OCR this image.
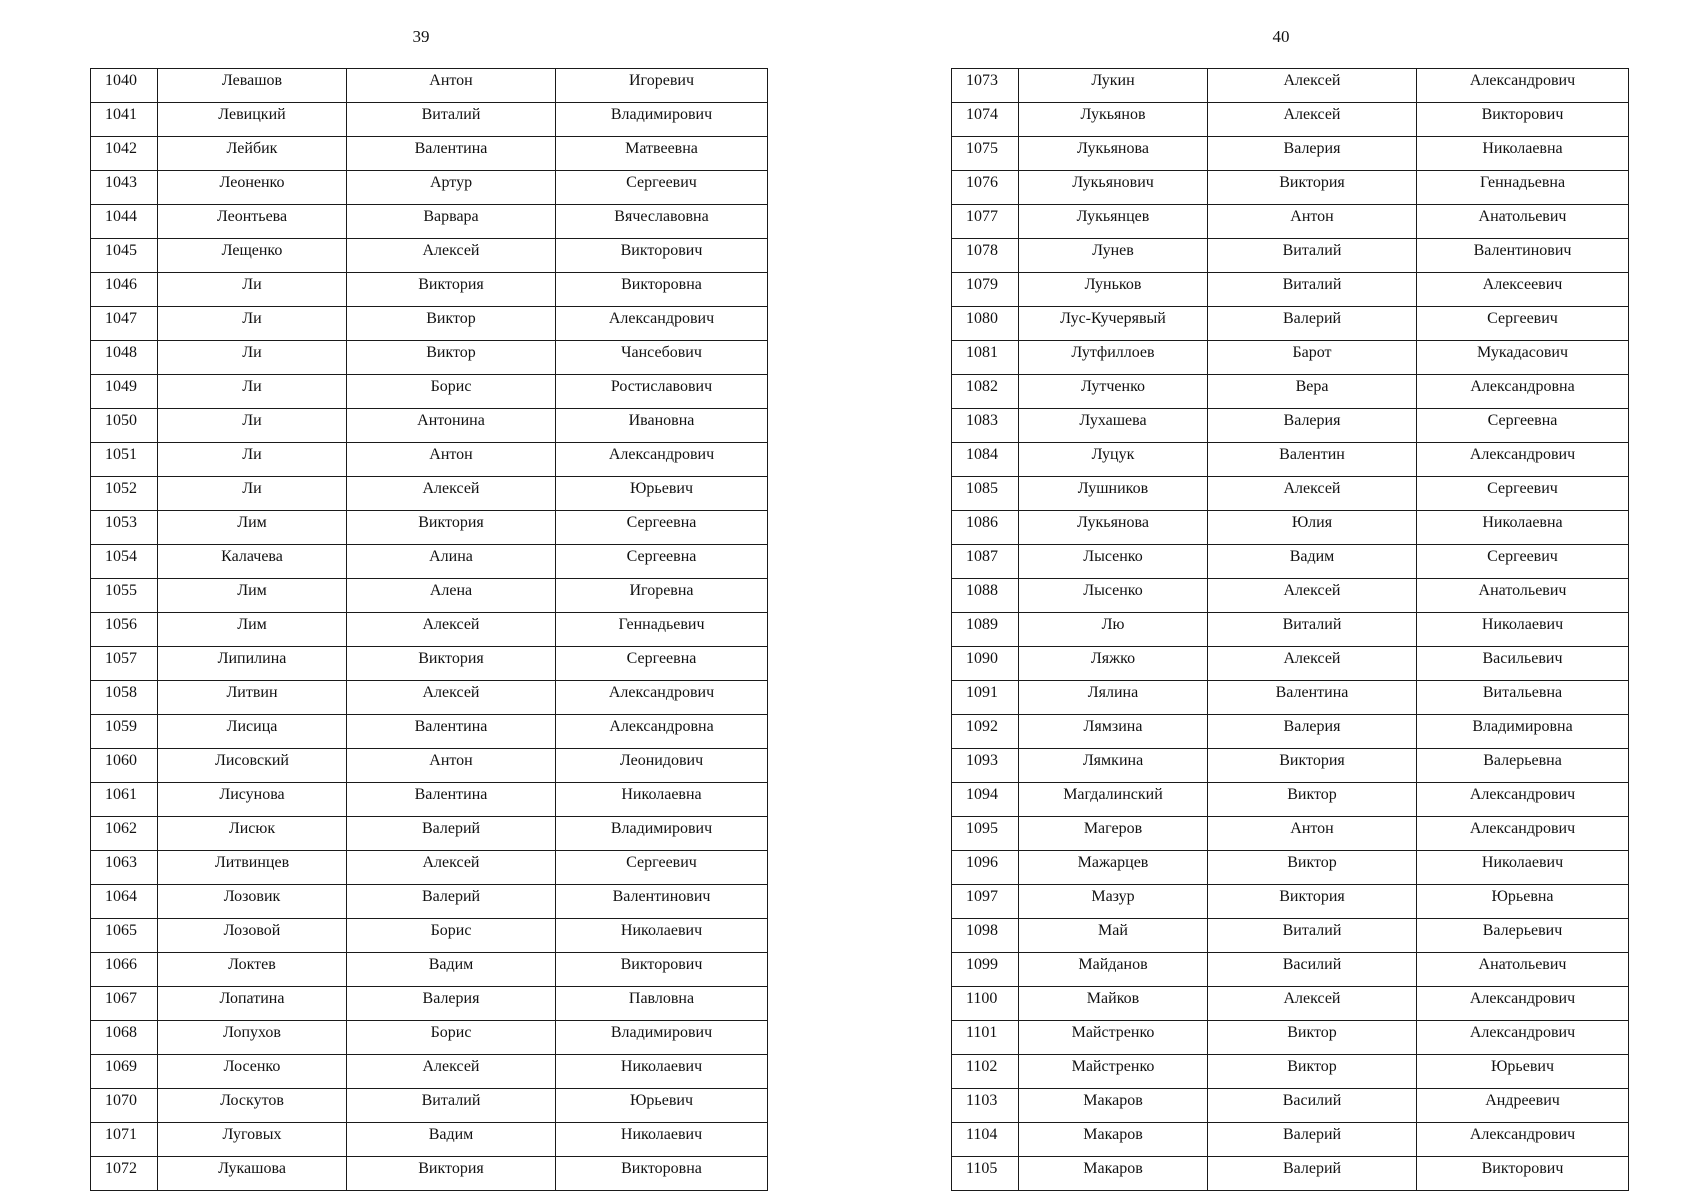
39	40
1040	Левашов	Антон	Игоревич
1041	Левицкий	Виталий	Владимирович
1042	Лейбик	Валентина	Матвеевна
1043	Леоненко	Артур	Сергеевич
1044	Леонтьева	Варвара	Вячеславовна
1045	Лещенко	Алексей	Викторович
1046	Ли	Виктория	Викторовна
1047	Ли	Виктор	Александрович
1048	Ли	Виктор	Чансебович
1049	Ли	Борис	Ростиславович
1050	Ли	Антонина	Ивановна
1051	Ли	Антон	Александрович
1052	Ли	Алексей	Юрьевич
1053	Лим	Виктория	Сергеевна
1054	Калачева	Алина	Сергеевна
1055	Лим	Алена	Игоревна
1056	Лим	Алексей	Геннадьевич
1057	Липилина	Виктория	Сергеевна
1058	Литвин	Алексей	Александрович
1059	Лисица	Валентина	Александровна
1060	Лисовский	Антон	Леонидович
1061	Лисунова	Валентина	Николаевна
1062	Лисюк	Валерий	Владимирович
1063	Литвинцев	Алексей	Сергеевич
1064	Лозовик	Валерий	Валентинович
1065	Лозовой	Борис	Николаевич
1066	Локтев	Вадим	Викторович
1067	Лопатина	Валерия	Павловна
1068	Лопухов	Борис	Владимирович
1069	Лосенко	Алексей	Николаевич
1070	Лоскутов	Виталий	Юрьевич
1071	Луговых	Вадим	Николаевич
1072	Лукашова	Виктория	Викторовна
1073	Лукин	Алексей	Александрович
1074	Лукьянов	Алексей	Викторович
1075	Лукьянова	Валерия	Николаевна
1076	Лукьянович	Виктория	Геннадьевна
1077	Лукьянцев	Антон	Анатольевич
1078	Лунев	Виталий	Валентинович
1079	Луньков	Виталий	Алексеевич
1080	Лус-Кучерявый	Валерий	Сергеевич
1081	Лутфиллоев	Барот	Мукадасович
1082	Лутченко	Вера	Александровна
1083	Лухашева	Валерия	Сергеевна
1084	Луцук	Валентин	Александрович
1085	Лушников	Алексей	Сергеевич
1086	Лукьянова	Юлия	Николаевна
1087	Лысенко	Вадим	Сергеевич
1088	Лысенко	Алексей	Анатольевич
1089	Лю	Виталий	Николаевич
1090	Ляжко	Алексей	Васильевич
1091	Лялина	Валентина	Витальевна
1092	Лямзина	Валерия	Владимировна
1093	Лямкина	Виктория	Валерьевна
1094	Магдалинский	Виктор	Александрович
1095	Магеров	Антон	Александрович
1096	Мажарцев	Виктор	Николаевич
1097	Мазур	Виктория	Юрьевна
1098	Май	Виталий	Валерьевич
1099	Майданов	Василий	Анатольевич
1100	Майков	Алексей	Александрович
1101	Майстренко	Виктор	Александрович
1102	Майстренко	Виктор	Юрьевич
1103	Макаров	Василий	Андреевич
1104	Макаров	Валерий	Александрович
1105	Макаров	Валерий	Викторович
